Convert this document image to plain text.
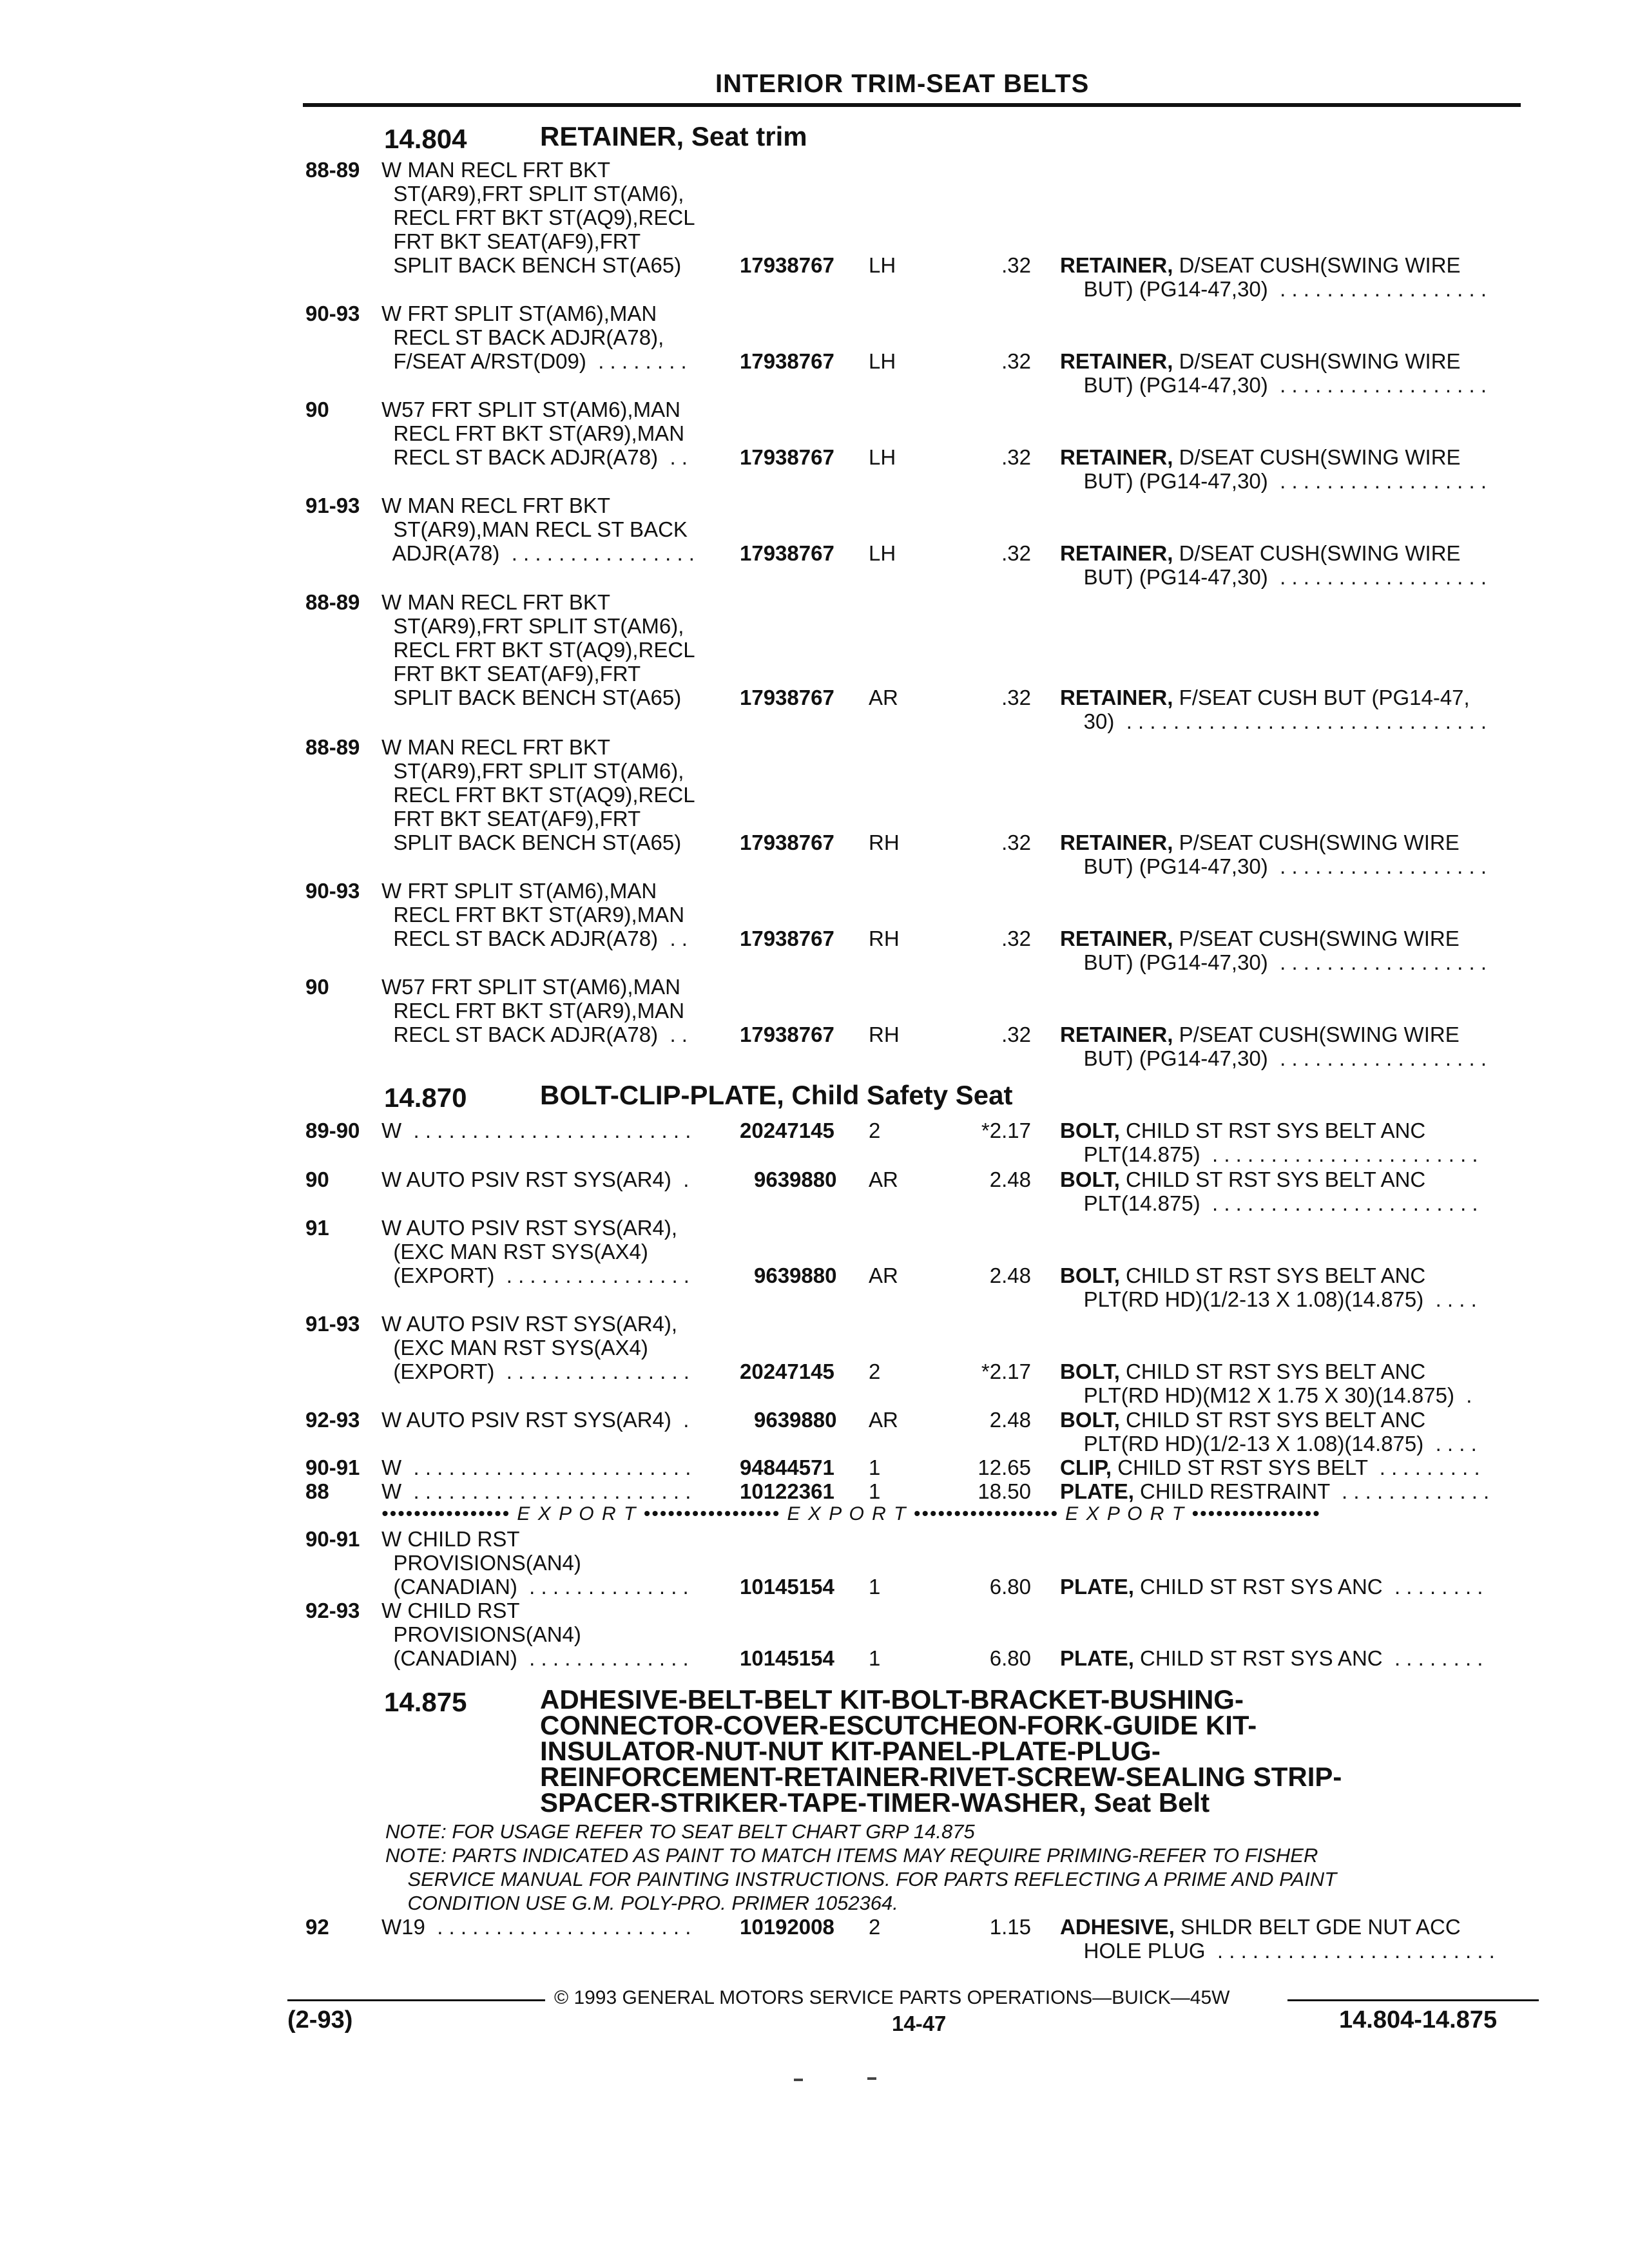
INTERIOR TRIM-SEAT BELTS
14.804	RETAINER, Seat trim
88-89 W MAN RECL FRT BKT
ST(AR9),FRT SPLIT ST(AM6),
RECL FRT BKT ST(AQ9),RECL
FRT BKT SEAT(AF9),FRT
SPLIT BACK BENCH ST(A65)	17938767 LH	.32 RETAINER, D/SEAT CUSH(SWING WIRE
BUT) (PG14-47,30)  . . . . . . . . . . . . . . . . . .
90-93 W FRT SPLIT ST(AM6),MAN
RECL ST BACK ADJR(A78),
F/SEAT A/RST(D09)  . . . . . . . . 17938767 LH	.32 RETAINER, D/SEAT CUSH(SWING WIRE
BUT) (PG14-47,30)  . . . . . . . . . . . . . . . . . .
90 W57 FRT SPLIT ST(AM6),MAN
RECL FRT BKT ST(AR9),MAN
RECL ST BACK ADJR(A78)  . . 17938767 LH	.32 RETAINER, D/SEAT CUSH(SWING WIRE
BUT) (PG14-47,30)  . . . . . . . . . . . . . . . . . .
91-93 W MAN RECL FRT BKT
ST(AR9),MAN RECL ST BACK
ADJR(A78)  . . . . . . . . . . . . . . . . 17938767 LH	.32 RETAINER, D/SEAT CUSH(SWING WIRE
BUT) (PG14-47,30)  . . . . . . . . . . . . . . . . . .
88-89 W MAN RECL FRT BKT
ST(AR9),FRT SPLIT ST(AM6),
RECL FRT BKT ST(AQ9),RECL
FRT BKT SEAT(AF9),FRT
SPLIT BACK BENCH ST(A65)	17938767 AR	.32 RETAINER, F/SEAT CUSH BUT (PG14-47,
30)  . . . . . . . . . . . . . . . . . . . . . . . . . . . . . . .
88-89 W MAN RECL FRT BKT
ST(AR9),FRT SPLIT ST(AM6),
RECL FRT BKT ST(AQ9),RECL
FRT BKT SEAT(AF9),FRT
SPLIT BACK BENCH ST(A65)	17938767 RH	.32 RETAINER, P/SEAT CUSH(SWING WIRE
BUT) (PG14-47,30)  . . . . . . . . . . . . . . . . . .
90-93 W FRT SPLIT ST(AM6),MAN
RECL FRT BKT ST(AR9),MAN
RECL ST BACK ADJR(A78)  . . 17938767 RH	.32 RETAINER, P/SEAT CUSH(SWING WIRE
BUT) (PG14-47,30)  . . . . . . . . . . . . . . . . . .
90 W57 FRT SPLIT ST(AM6),MAN
RECL FRT BKT ST(AR9),MAN
RECL ST BACK ADJR(A78)  . . 17938767 RH	.32 RETAINER, P/SEAT CUSH(SWING WIRE
BUT) (PG14-47,30)  . . . . . . . . . . . . . . . . . .
14.870	BOLT-CLIP-PLATE, Child Safety Seat
89-90 W  . . . . . . . . . . . . . . . . . . . . . . . . 20247145 2	*2.17 BOLT, CHILD ST RST SYS BELT ANC
PLT(14.875)  . . . . . . . . . . . . . . . . . . . . . . .
90 W AUTO PSIV RST SYS(AR4)  .	9639880 AR	2.48 BOLT, CHILD ST RST SYS BELT ANC
PLT(14.875)  . . . . . . . . . . . . . . . . . . . . . . .
91 W AUTO PSIV RST SYS(AR4),
(EXC MAN RST SYS(AX4)
(EXPORT)  . . . . . . . . . . . . . . . .	9639880 AR	2.48 BOLT, CHILD ST RST SYS BELT ANC
PLT(RD HD)(1/2-13 X 1.08)(14.875)  . . . .
91-93 W AUTO PSIV RST SYS(AR4),
(EXC MAN RST SYS(AX4)
(EXPORT)  . . . . . . . . . . . . . . . . 20247145 2	*2.17 BOLT, CHILD ST RST SYS BELT ANC
PLT(RD HD)(M12 X 1.75 X 30)(14.875)  .
92-93 W AUTO PSIV RST SYS(AR4)  .	9639880 AR	2.48 BOLT, CHILD ST RST SYS BELT ANC
PLT(RD HD)(1/2-13 X 1.08)(14.875)  . . . .
90-91 W  . . . . . . . . . . . . . . . . . . . . . . . . 94844571 1	12.65 CLIP, CHILD ST RST SYS BELT  . . . . . . . . .
88 W  . . . . . . . . . . . . . . . . . . . . . . . . 10122361 1	18.50 PLATE, CHILD RESTRAINT  . . . . . . . . . . . . .
•••••••••••••••• E X P O R T ••••••••••••••••• E X P O R T •••••••••••••••••• E X P O R T ••••••••••••••••
90-91 W CHILD RST
PROVISIONS(AN4)
(CANADIAN)  . . . . . . . . . . . . . . 10145154 1	6.80 PLATE, CHILD ST RST SYS ANC  . . . . . . . .
92-93 W CHILD RST
PROVISIONS(AN4)
(CANADIAN)  . . . . . . . . . . . . . . 10145154 1	6.80 PLATE, CHILD ST RST SYS ANC  . . . . . . . .
14.875	ADHESIVE-BELT-BELT KIT-BOLT-BRACKET-BUSHING-
CONNECTOR-COVER-ESCUTCHEON-FORK-GUIDE KIT-
INSULATOR-NUT-NUT KIT-PANEL-PLATE-PLUG-
REINFORCEMENT-RETAINER-RIVET-SCREW-SEALING STRIP-
SPACER-STRIKER-TAPE-TIMER-WASHER, Seat Belt
NOTE: FOR USAGE REFER TO SEAT BELT CHART GRP 14.875
NOTE: PARTS INDICATED AS PAINT TO MATCH ITEMS MAY REQUIRE PRIMING-REFER TO FISHER
SERVICE MANUAL FOR PAINTING INSTRUCTIONS. FOR PARTS REFLECTING A PRIME AND PAINT
CONDITION USE G.M. POLY-PRO. PRIMER 1052364.
92 W19  . . . . . . . . . . . . . . . . . . . . . . 10192008 2	1.15 ADHESIVE, SHLDR BELT GDE NUT ACC
HOLE PLUG  . . . . . . . . . . . . . . . . . . . . . . . .
© 1993 GENERAL MOTORS SERVICE PARTS OPERATIONS—BUICK—45W
(2-93)	14-47	14.804-14.875
